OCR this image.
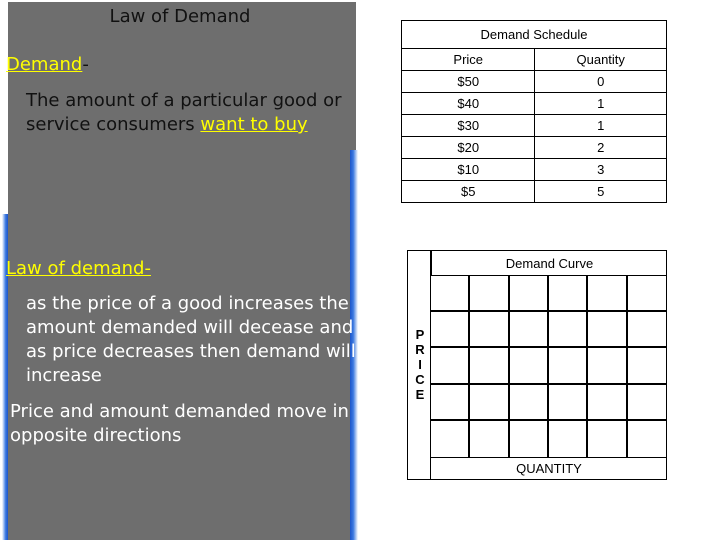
Law of Demand
Demand-
The amount of a particular good or service consumers want to buy
Law of demand-
as the price of a good increases the amount demanded will decease and as price decreases then demand will increase
Price and amount demanded move in opposite directions
Demand Schedule	
Price	Quantity
$50	0
$40	1
$30	1
$20	2
$10	3
$5	5
Demand Curve
P
R
I
C
E
QUANTITY
